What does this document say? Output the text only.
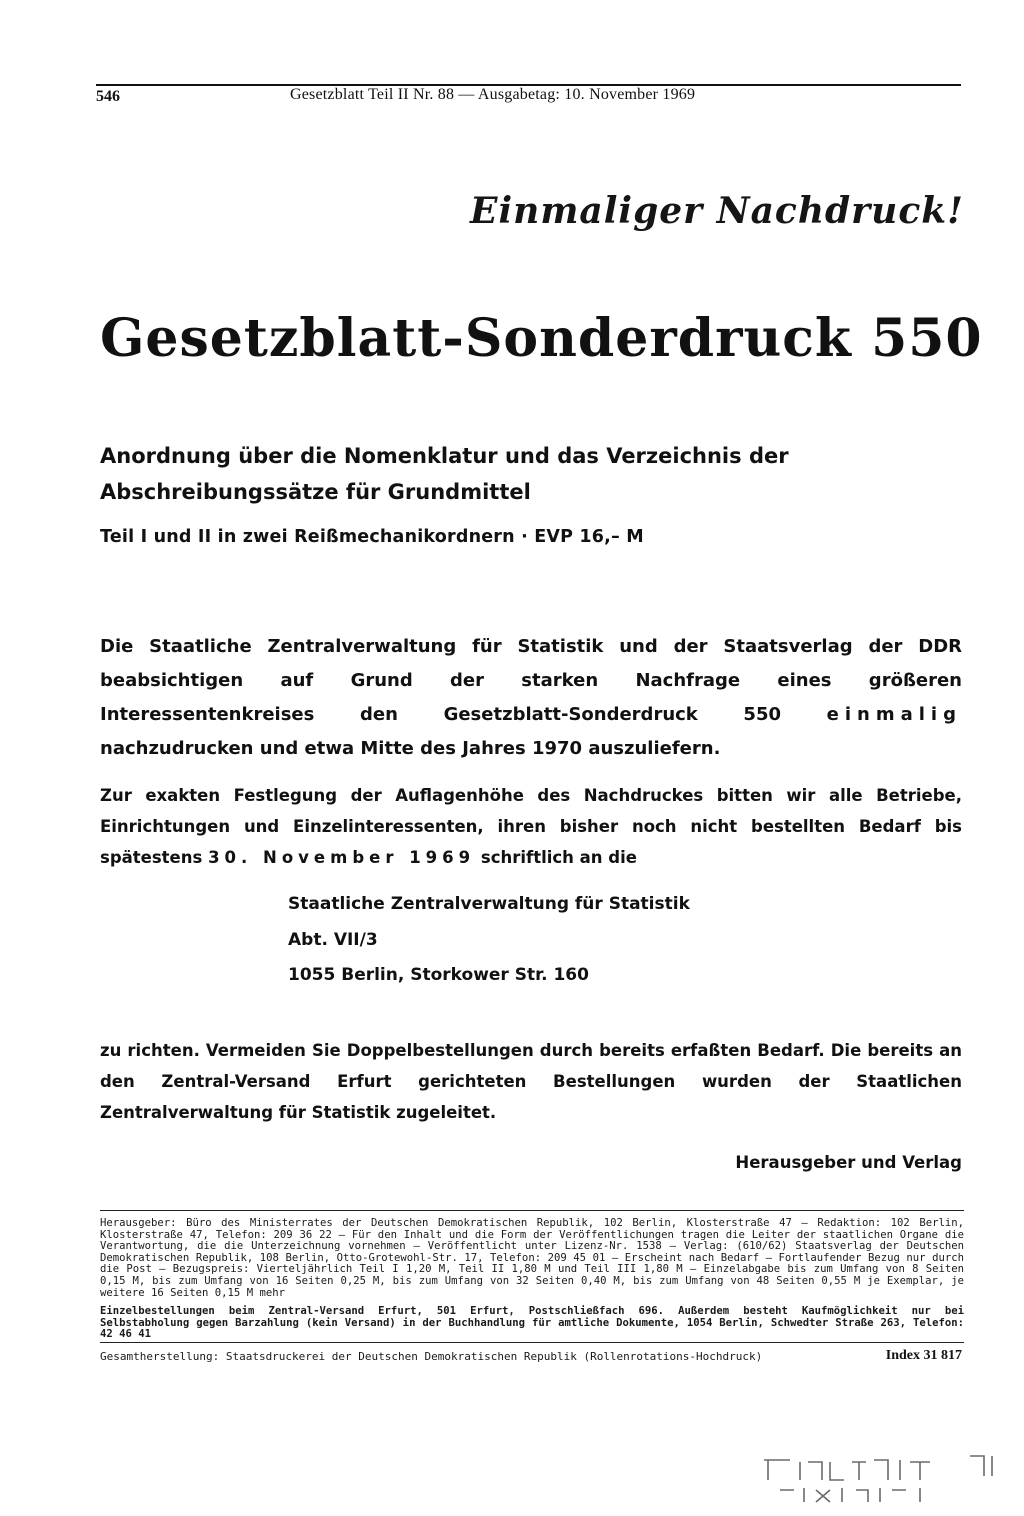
546	Gesetzblatt Teil II Nr. 88 — Ausgabetag: 10. November 1969
Einmaliger Nachdruck!
Gesetzblatt-Sonderdruck 550
Anordnung über die Nomenklatur und das Verzeichnis der Abschreibungssätze für Grundmittel
Teil I und II in zwei Reißmechanikordnern · EVP 16,– M
Die Staatliche Zentralverwaltung für Statistik und der Staatsverlag der DDR beabsichtigen auf Grund der starken Nachfrage eines größeren Interessentenkreises den Gesetzblatt-Sonderdruck 550 einmalig nachzudrucken und etwa Mitte des Jahres 1970 auszuliefern.
Zur exakten Festlegung der Auflagenhöhe des Nachdruckes bitten wir alle Betriebe, Einrichtungen und Einzelinteressenten, ihren bisher noch nicht bestellten Bedarf bis spätestens 30. November 1969 schriftlich an die
Staatliche Zentralverwaltung für Statistik
Abt. VII/3
1055 Berlin, Storkower Str. 160
zu richten. Vermeiden Sie Doppelbestellungen durch bereits erfaßten Bedarf. Die bereits an den Zentral-Versand Erfurt gerichteten Bestellungen wurden der Staatlichen Zentralverwaltung für Statistik zugeleitet.
Herausgeber und Verlag
Herausgeber: Büro des Ministerrates der Deutschen Demokratischen Republik, 102 Berlin, Klosterstraße 47 – Redaktion: 102 Berlin, Klosterstraße 47, Telefon: 209 36 22 – Für den Inhalt und die Form der Veröffentlichungen tragen die Leiter der staatlichen Organe die Verantwortung, die die Unterzeichnung vornehmen – Veröffentlicht unter Lizenz-Nr. 1538 – Verlag: (610/62) Staatsverlag der Deutschen Demokratischen Republik, 108 Berlin, Otto-Grotewohl-Str. 17, Telefon: 209 45 01 – Erscheint nach Bedarf – Fortlaufender Bezug nur durch die Post – Bezugspreis: Vierteljährlich Teil I 1,20 M, Teil II 1,80 M und Teil III 1,80 M – Einzelabgabe bis zum Umfang von 8 Seiten 0,15 M, bis zum Umfang von 16 Seiten 0,25 M, bis zum Umfang von 32 Seiten 0,40 M, bis zum Umfang von 48 Seiten 0,55 M je Exemplar, je weitere 16 Seiten 0,15 M mehr
Einzelbestellungen beim Zentral-Versand Erfurt, 501 Erfurt, Postschließfach 696. Außerdem besteht Kaufmöglichkeit nur bei Selbstabholung gegen Barzahlung (kein Versand) in der Buchhandlung für amtliche Dokumente, 1054 Berlin, Schwedter Straße 263, Telefon: 42 46 41
Gesamtherstellung: Staatsdruckerei der Deutschen Demokratischen Republik (Rollenrotations-Hochdruck)	Index 31 817
